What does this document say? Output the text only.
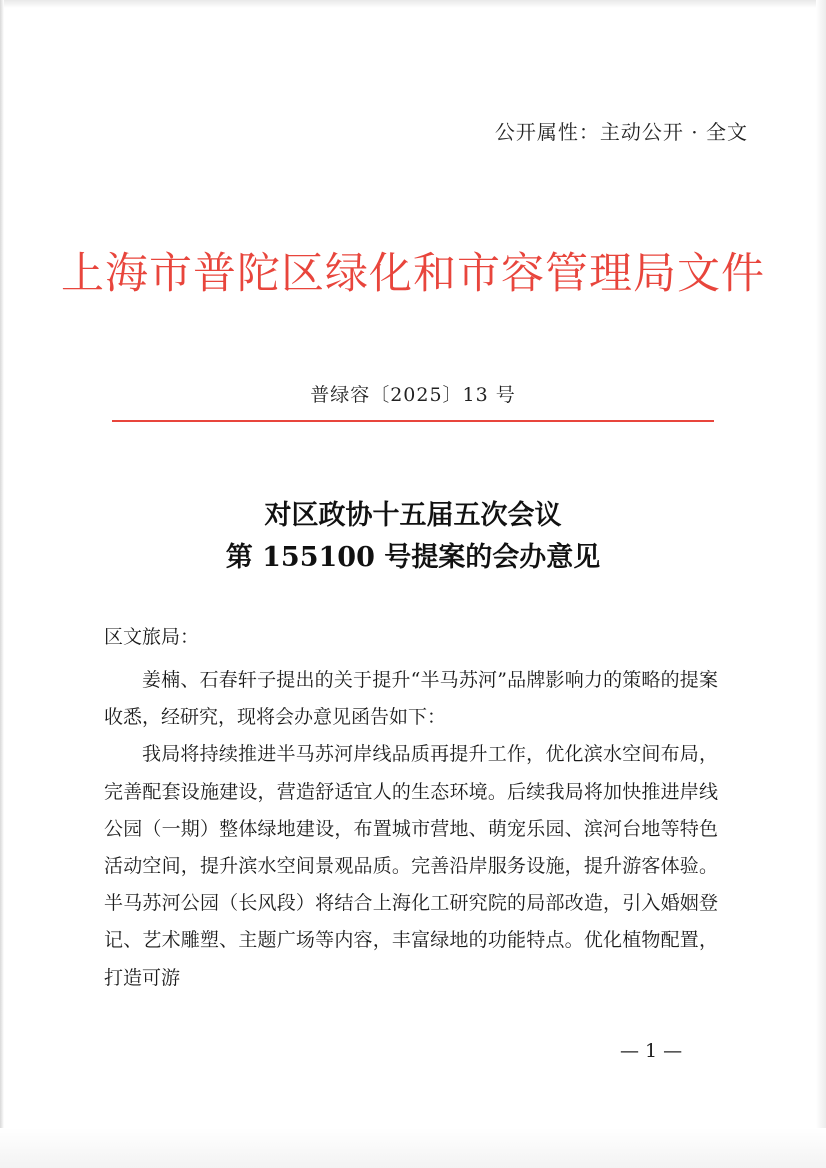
公开属性：主动公开 · 全文
上海市普陀区绿化和市容管理局文件
普绿容〔2025〕13 号
对区政协十五届五次会议
第 155100 号提案的会办意见
区文旅局：

姜楠、石春轩子提出的关于提升“半马苏河”品牌影响力的策略的提案收悉，经研究，现将会办意见函告如下：

我局将持续推进半马苏河岸线品质再提升工作，优化滨水空间布局，完善配套设施建设，营造舒适宜人的生态环境。后续我局将加快推进岸线公园（一期）整体绿地建设，布置城市营地、萌宠乐园、滨河台地等特色活动空间，提升滨水空间景观品质。完善沿岸服务设施，提升游客体验。半马苏河公园（长风段）将结合上海化工研究院的局部改造，引入婚姻登记、艺术雕塑、主题广场等内容，丰富绿地的功能特点。优化植物配置，打造可游

— 1 —
